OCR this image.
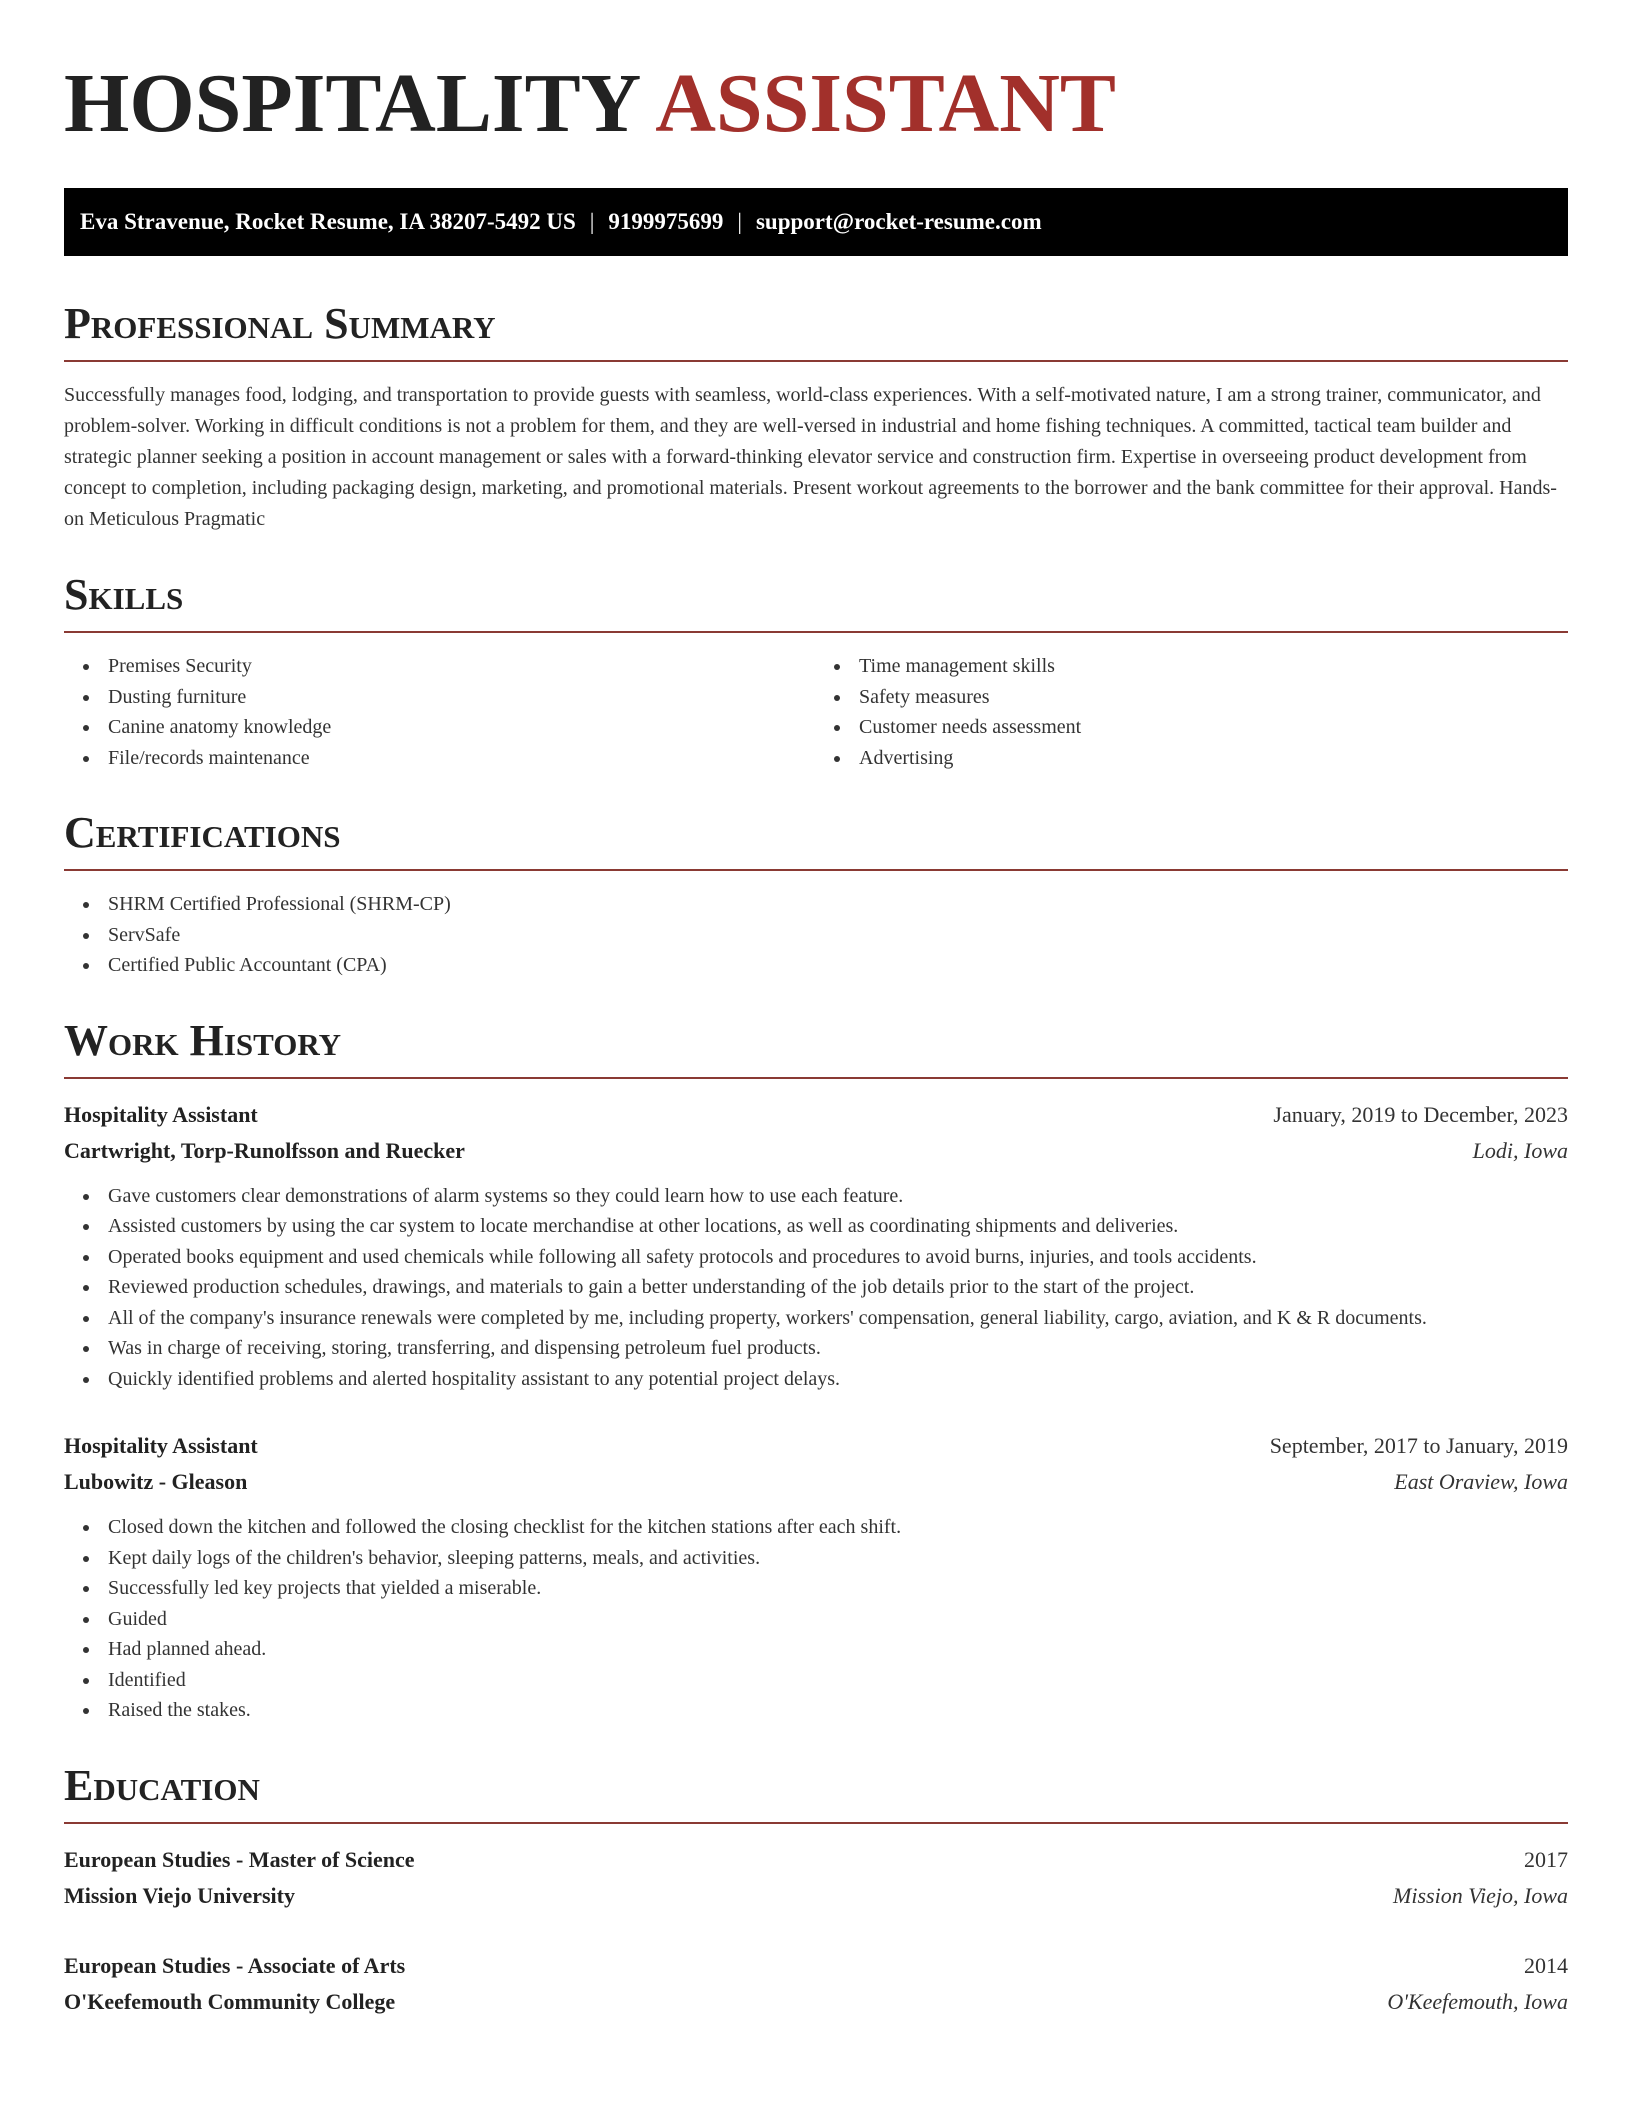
HOSPITALITY ASSISTANT
Eva Stravenue, Rocket Resume, IA 38207-5492 US | 9199975699 | support@rocket-resume.com
Professional Summary

Successfully manages food, lodging, and transportation to provide guests with seamless, world-class experiences. With a self-motivated nature, I am a strong trainer, communicator, and problem-solver. Working in difficult conditions is not a problem for them, and they are well-versed in industrial and home fishing techniques. A committed, tactical team builder and strategic planner seeking a position in account management or sales with a forward-thinking elevator service and construction firm. Expertise in overseeing product development from concept to completion, including packaging design, marketing, and promotional materials. Present workout agreements to the borrower and the bank committee for their approval. Hands-on Meticulous Pragmatic

Skills
Premises Security
Dusting furniture
Canine anatomy knowledge
File/records maintenance
Time management skills
Safety measures
Customer needs assessment
Advertising
Certifications
SHRM Certified Professional (SHRM-CP)
ServSafe
Certified Public Accountant (CPA)
Work History
Hospitality Assistant	January, 2019 to December, 2023
Cartwright, Torp-Runolfsson and Ruecker	Lodi, Iowa
Gave customers clear demonstrations of alarm systems so they could learn how to use each feature.
Assisted customers by using the car system to locate merchandise at other locations, as well as coordinating shipments and deliveries.
Operated books equipment and used chemicals while following all safety protocols and procedures to avoid burns, injuries, and tools accidents.
Reviewed production schedules, drawings, and materials to gain a better understanding of the job details prior to the start of the project.
All of the company's insurance renewals were completed by me, including property, workers' compensation, general liability, cargo, aviation, and K & R documents.
Was in charge of receiving, storing, transferring, and dispensing petroleum fuel products.
Quickly identified problems and alerted hospitality assistant to any potential project delays.
Hospitality Assistant	September, 2017 to January, 2019
Lubowitz - Gleason	East Oraview, Iowa
Closed down the kitchen and followed the closing checklist for the kitchen stations after each shift.
Kept daily logs of the children's behavior, sleeping patterns, meals, and activities.
Successfully led key projects that yielded a miserable.
Guided
Had planned ahead.
Identified
Raised the stakes.
Education
European Studies - Master of Science	2017
Mission Viejo University	Mission Viejo, Iowa
European Studies - Associate of Arts	2014
O'Keefemouth Community College	O'Keefemouth, Iowa
